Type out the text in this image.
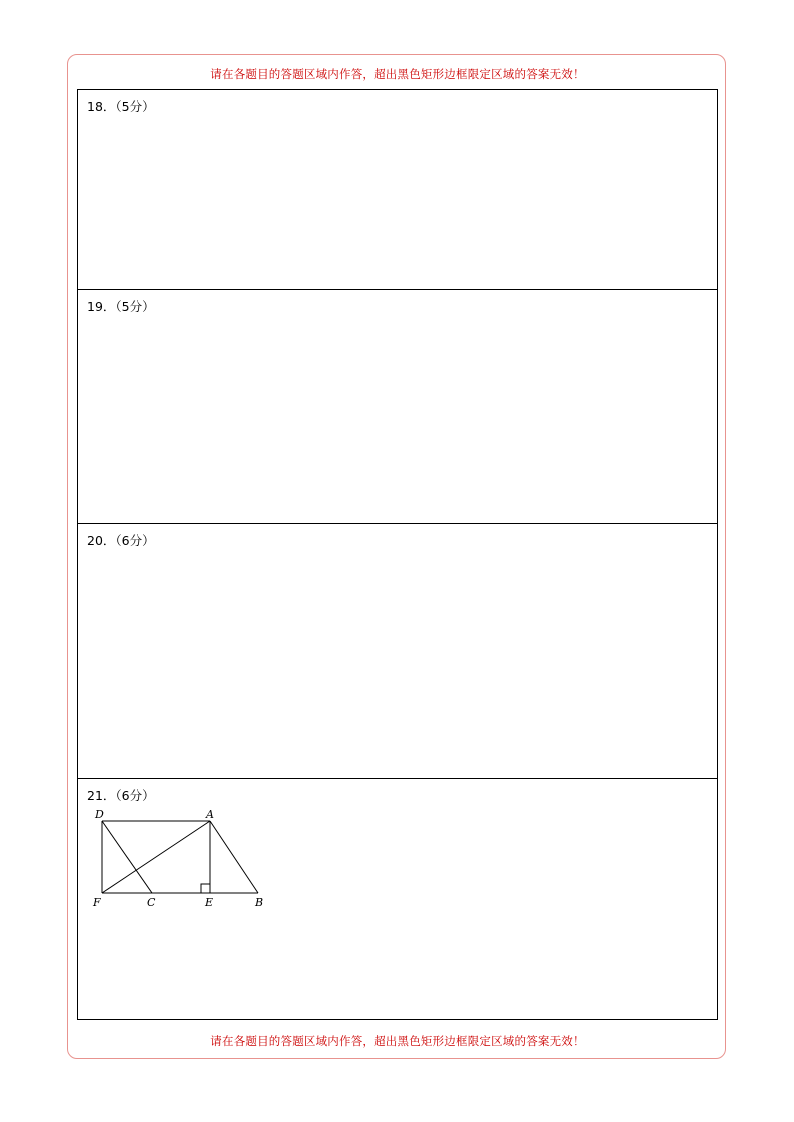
请在各题目的答题区域内作答，超出黑色矩形边框限定区域的答案无效！
18．（5分）
19．（5分）
20．（6分）
21．（6分）
D	A
F	C	E	B
请在各题目的答题区域内作答，超出黑色矩形边框限定区域的答案无效！
